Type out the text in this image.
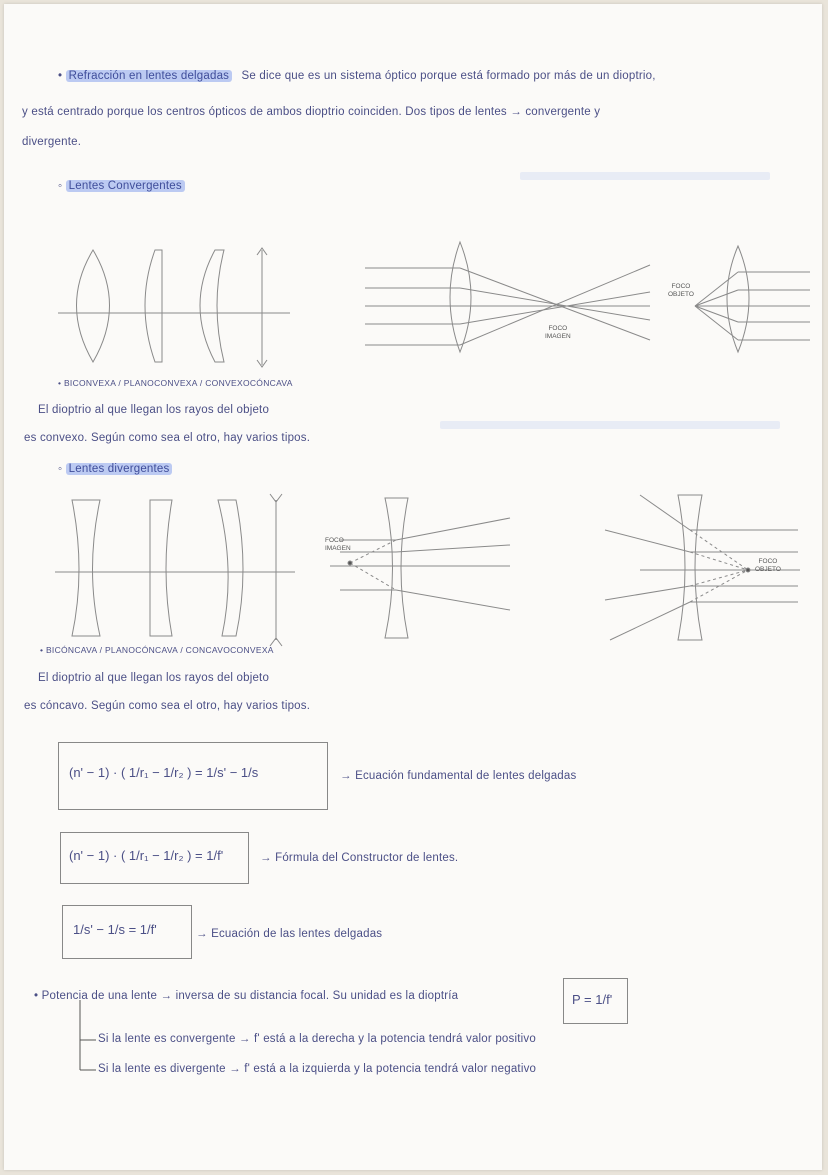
• Refracción en lentes delgadas Se dice que es un sistema óptico porque está formado por más de un dioptrio,
y está centrado porque los centros ópticos de ambos dioptrio coinciden. Dos tipos de lentes → convergente y
divergente.
◦ Lentes Convergentes
FOCO
IMAGEN
FOCO
OBJETO
• BICONVEXA / PLANOCONVEXA / CONVEXOCÓNCAVA
El dioptrio al que llegan los rayos del objeto
es convexo. Según como sea el otro, hay varios tipos.
◦ Lentes divergentes
FOCO
IMAGEN
FOCO
OBJETO
• BICÓNCAVA / PLANOCÓNCAVA / CONCAVOCONVEXA
El dioptrio al que llegan los rayos del objeto
es cóncavo. Según como sea el otro, hay varios tipos.
(n' − 1) · ( 1/r₁ − 1/r₂ ) = 1/s' − 1/s	→ Ecuación fundamental de lentes delgadas
(n' − 1) · ( 1/r₁ − 1/r₂ ) = 1/f'	→ Fórmula del Constructor de lentes.
1/s' − 1/s = 1/f'	→ Ecuación de las lentes delgadas
• Potencia de una lente → inversa de su distancia focal. Su unidad es la dioptría	P = 1/f'
Si la lente es convergente → f' está a la derecha y la potencia tendrá valor positivo
Si la lente es divergente → f' está a la izquierda y la potencia tendrá valor negativo
